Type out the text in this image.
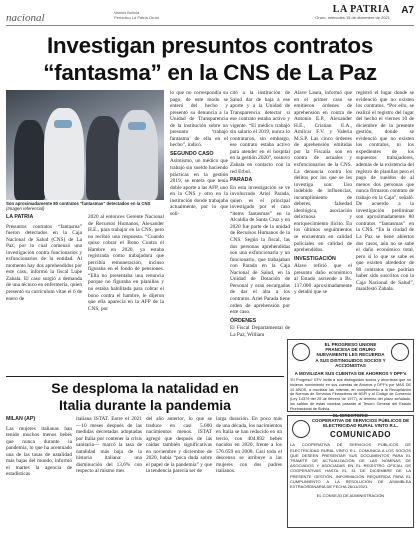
nacional	Vamos Bolivia
Periódico La Patria Oruro
LA PATRIA
Oruro, miércoles 15 de diciembre de 2021
A7
Investigan presuntos contratos
“fantasma” en la CNS de La Paz
Son aproximadamente 80 contratos "fantasmas" detectados en la CNS
(Imagen referencial)
LA PATRIA

Presuntos contratos “fantasma” fueron detectados en la Caja Nacional de Salud (CNS) de La Paz, por lo cual comenzó una investigación contra funcionarios y exfuncionarios de la entidad. Al momento hay dos aprehendidos por este caso, informó la fiscal Lupe Zabala. El caso surgió a demanda de una técnico en enfermería, quien presentó su currículum vitae el 6 de enero de

2020 al entonces Gerente Nacional de Recursos Humanos, Alexander H.E., para trabajar en la CNS, pero no recibió una respuesta. “Cuando quiso cobrar el Bono Contra el Hambre en 2020, ya estaba registrada como trabajadora que percibía remuneración, incluso figuraba en el fondo de pensiones. “Ella no presentaba una renuncia porque no figuraba en planillas y no estaba habilitada para cobrar el bono contra el hambre, le dijeron que ella aparecía en la AFP de la CNS, por

lo que no correspondía su pago, de este modo se enteró del hecho y presentó su denuncia a la Unidad de Transparencia de la institución sobre un presunto ‘trabajo fantasma’ de ella en el hecho”, indicó.

SEGUNDO CASO

Asimismo, un médico que trabajó sin sueldo haciendo prácticas en la gestión 2019, se entera que tenía doble aporte a las AFP, uno en la CNS y otro en la institución donde trabajaba actualmente, por lo que soli-

citó a la institución de Salud dar de baja a ese aporte y a la Unidad de Transparencia detectar si ese contrato estaba activo y vigente. “El médico trabajó sin salario el 2019, nunca lo contrataron, sin embargo, ese contrato estaba activo para atender en el hospital en la gestión 2020”, sostuvo Zabala en contacto con la red Erbol.

PARADA

En esta investigación se ve involucrado Ariel Parada, quien es el principal investigado por el caso “ítems fantasmas” en la Alcaldía de Santa Cruz y en 2020 fue parte de la unidad de Recursos Humanos de la CNS. Según la fiscal, las dos personas aprehendidas son una exfuncionaria y un funcionario, que trabajaban con Parada en la Caja Nacional de Salud, en la Unidad de Dotación de Personal y eran encargadas de dar el alta a los contratos. Ariel Parada tiene orden de aprehensión por este caso.

ÓRDENES

El Fiscal Departamental de La Paz, William

Alave Laura, informó que en el primer caso se emitieron órdenes de aprehensión en contra de Antonio E.P., Alexander H.E., Cristian E.A., Amilcar F.V. y Valeria M.S.P. Las cinco órdenes de aprehensión emitidas por la Fiscalía son en contra de actuales y exfuncionarios de la CNS. La denuncia contra los delitos por los que se les investiga son: Uso indebido de influencias, incumplimiento de deberes, falsedad ideológica, asociación delictuosa y enriquecimiento ilícito. En los últimos seguimientos se encuentran en calidad policiales en calidad de aprehendidos.

INVESTIGACIÓN

Alave refirió que el presunto daño económico al Estado asciende a Bs. 137.000 aproximadamente y detalló que se

registró el lugar donde se evidenció que no existen los contratos. “Por ello, se realizó el registro del lugar del hecho el viernes 10 de diciembre de la presente gestión, donde se evidenció que no existen los contratos, ni los expedientes de los supuestos trabajadores, además de la existencia del registro de planillas pero el pago de sueldos de al menos dos personas que nunca firmaron contrato de trabajo en la Caja”, señaló. De acuerdo a la investigación preliminar son aproximadamente 80 contratos “fantasmas” en la CNS. “En la ciudad de La Paz se tiene abiertos dos casos, aún no se sabe el daño económico total, pero sí lo que se sabe es que existen alrededor de 80 contratos que podrían haber sido suscritos con la Caja Nacional de Salud”, manifestó Zabala.

EL PROGRESO UNIONE FRANCESA DE ORURO NUEVAMENTE LES RECUERDA A SUS DISTINGUIDOS SOCIOS Y ACCIONISTAS
A MOVILIZAR SUS CUENTAS DE AHORROS Y DPF's
“El Progreso” EFV invita a sus distinguidos socios y ahorristas que no hicieron movimiento en sus cuentas de Ahorros y DPF's por MAS DE 10 AÑOS, a movilizar las mismas, en cumplimiento a la Recopilación de Normas de Servicios Financieros de ASFI y al Código de Comercio (Ley 14379 del 25 de febrero de 1977), al término del plazo señalado, los saldos de estas cuentas pasarán al Tesoro General del Estado Plurinacional de Bolivia.
EL DIRECTORIO
COOPERATIVA DE SERVICIOS PÚBLICOS DE ELECTRICIDAD RURAL VINTO R.L.
COMUNICADO
LA COOPERATIVA DE SERVICIOS PÚBLICOS DE ELECTRICIDAD RURAL VINTO R.L. COMUNICA A LOS SOCIOS QUE DESEEN PRESENTAR SUS DOCUMENTOS PARA EL TRÁMITE DE ACTUALIZACIÓN DE LAS NÓMINAS DE ASOCIADOS Y ASOCIADAS EN EL REGISTRO OFICIAL DE COOPERATIVAS HASTA EL 31 DE DICIEMBRE DE LA PRESENTE GESTIÓN. INFORMACIÓN REQUERIDA PARA EL CUMPLIMIENTO A LA RESOLUCIÓN DE ASAMBLEA EXTRAORDINARIA DE FECHA 26/11/2021.
EL CONSEJO DE ADMINISTRACIÓN
Se desploma la natalidad en
Italia durante la pandemia
MILÁN (AP)

Las mujeres italianas han tenido muchos menos bebés que nunca durante la pandemia, lo que ha acentuado una de las tasas de natalidad más bajas del mundo, informó el martes la agencia de estadísticas

italiana ISTAT. Entre el 2021 —10 meses después de las medidas decretadas adoptadas por Italia por contener la crisis sanitaria— marcó la tasa de natalidad más baja de la historia italiana: una disminución del 13,6% con respecto al mismo mes

del año anterior, lo que se traduce en casi 5.000 nacimientos menos. ISTAT agregó que después de las caídas también significativas en noviembre y diciembre de 2020, había “poca duda sobre el papel de la pandemia” y que la tendencia parecía ser de

larga duración. En poco más de una década, los nacimientos en Italia se han reducido en un tercio, con 404.892 bebés nacidos en 2020, frente a los 576.659 en 2008. Casi todo el descenso se atribuye a las mujeres con dos padres italianos.
